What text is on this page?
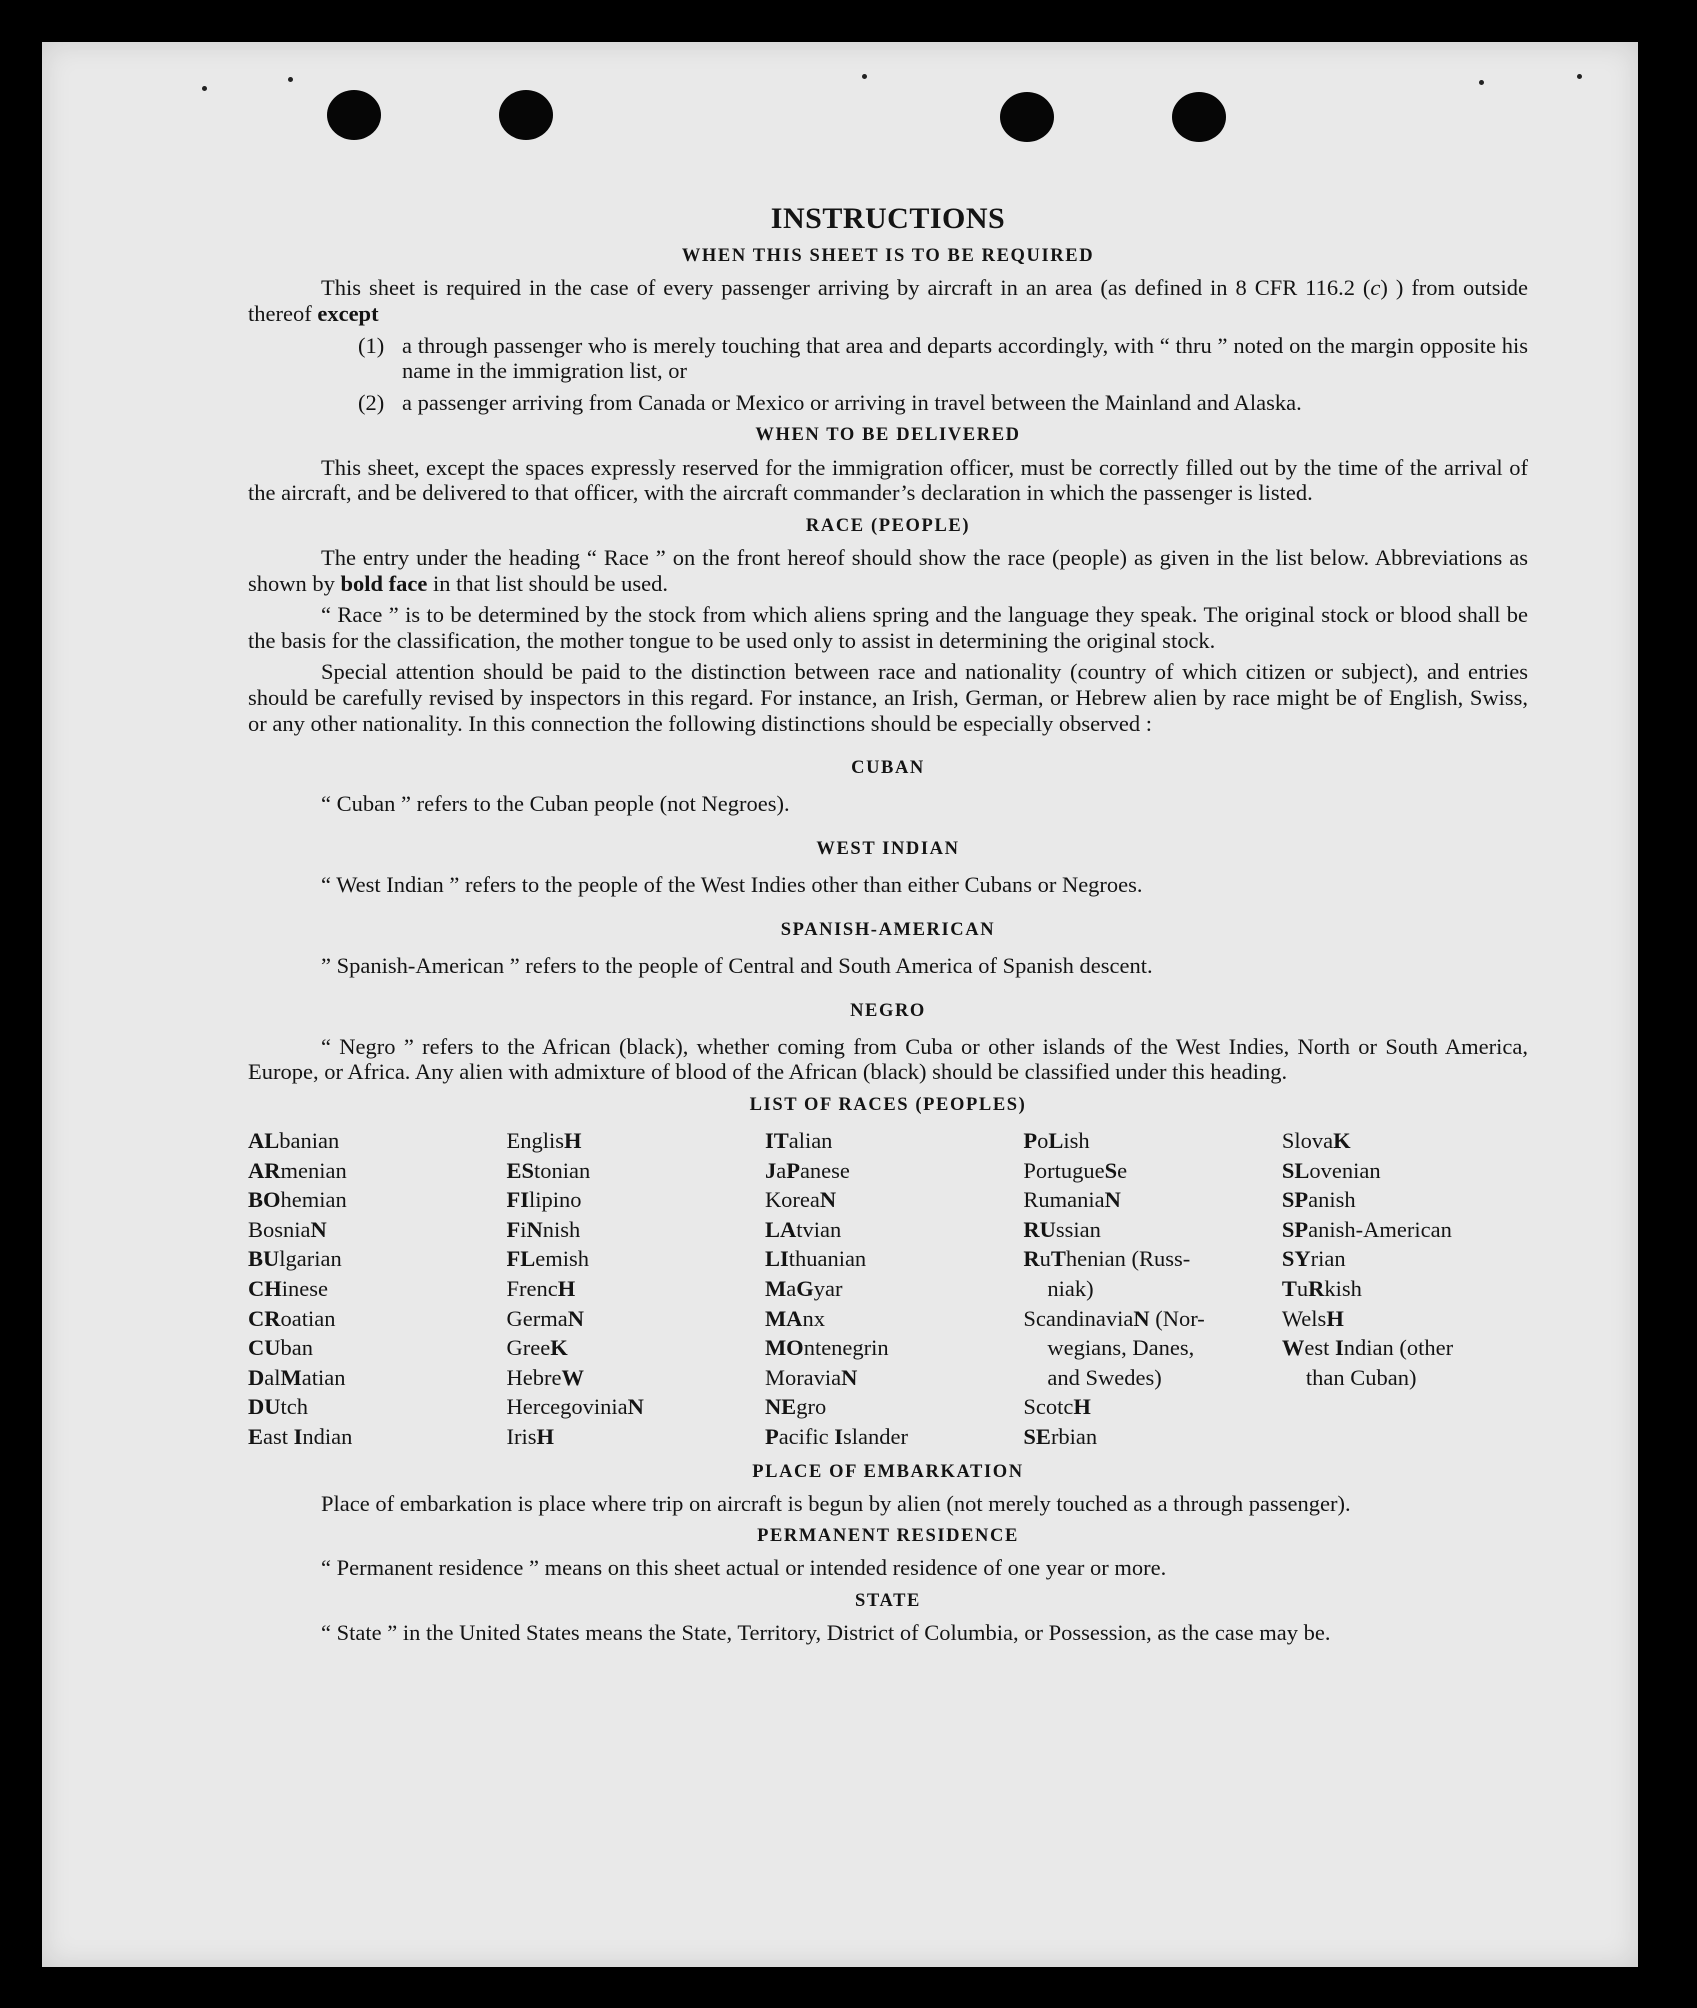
INSTRUCTIONS
WHEN THIS SHEET IS TO BE REQUIRED

This sheet is required in the case of every passenger arriving by aircraft in an area (as defined in 8 CFR 116.2 (c) ) from outside thereof except

(1) a through passenger who is merely touching that area and departs accordingly, with “ thru ” noted on the margin opposite his name in the immigration list, or
(2) a passenger arriving from Canada or Mexico or arriving in travel between the Mainland and Alaska.
WHEN TO BE DELIVERED

This sheet, except the spaces expressly reserved for the immigration officer, must be correctly filled out by the time of the arrival of the aircraft, and be delivered to that officer, with the aircraft commander’s declaration in which the passenger is listed.

RACE (PEOPLE)

The entry under the heading “ Race ” on the front hereof should show the race (people) as given in the list below. Abbreviations as shown by bold face in that list should be used.

“ Race ” is to be determined by the stock from which aliens spring and the language they speak. The original stock or blood shall be the basis for the classification, the mother tongue to be used only to assist in determining the original stock.

Special attention should be paid to the distinction between race and nationality (country of which citizen or subject), and entries should be carefully revised by inspectors in this regard. For instance, an Irish, German, or Hebrew alien by race might be of English, Swiss, or any other nationality. In this connection the following distinctions should be especially observed :

CUBAN

“ Cuban ” refers to the Cuban people (not Negroes).

WEST INDIAN

“ West Indian ” refers to the people of the West Indies other than either Cubans or Negroes.

SPANISH-AMERICAN

” Spanish-American ” refers to the people of Central and South America of Spanish descent.

NEGRO

“ Negro ” refers to the African (black), whether coming from Cuba or other islands of the West Indies, North or South America, Europe, or Africa. Any alien with admixture of blood of the African (black) should be classified under this heading.

LIST OF RACES (PEOPLES)
ALbanian
ARmenian
BOhemian
BosniaN
BUlgarian
CHinese
CRoatian
CUban
DalMatian
DUtch
East Indian
EnglisH
EStonian
FIlipino
FiNnish
FLemish
FrencH
GermaN
GreeK
HebreW
HercegoviniaN
IrisH
ITalian
JaPanese
KoreaN
LAtvian
LIthuanian
MaGyar
MAnx
MOntenegrin
MoraviaN
NEgro
Pacific Islander
PoLish
PortugueSe
RumaniaN
RUssian
RuThenian (Russ-
niak)
ScandinaviaN (Nor-
wegians, Danes,
and Swedes)
ScotcH
SErbian
SlovaK
SLovenian
SPanish
SPanish-American
SYrian
TuRkish
WelsH
West Indian (other
than Cuban)
PLACE OF EMBARKATION

Place of embarkation is place where trip on aircraft is begun by alien (not merely touched as a through passenger).

PERMANENT RESIDENCE

“ Permanent residence ” means on this sheet actual or intended residence of one year or more.

STATE

“ State ” in the United States means the State, Territory, District of Columbia, or Possession, as the case may be.
